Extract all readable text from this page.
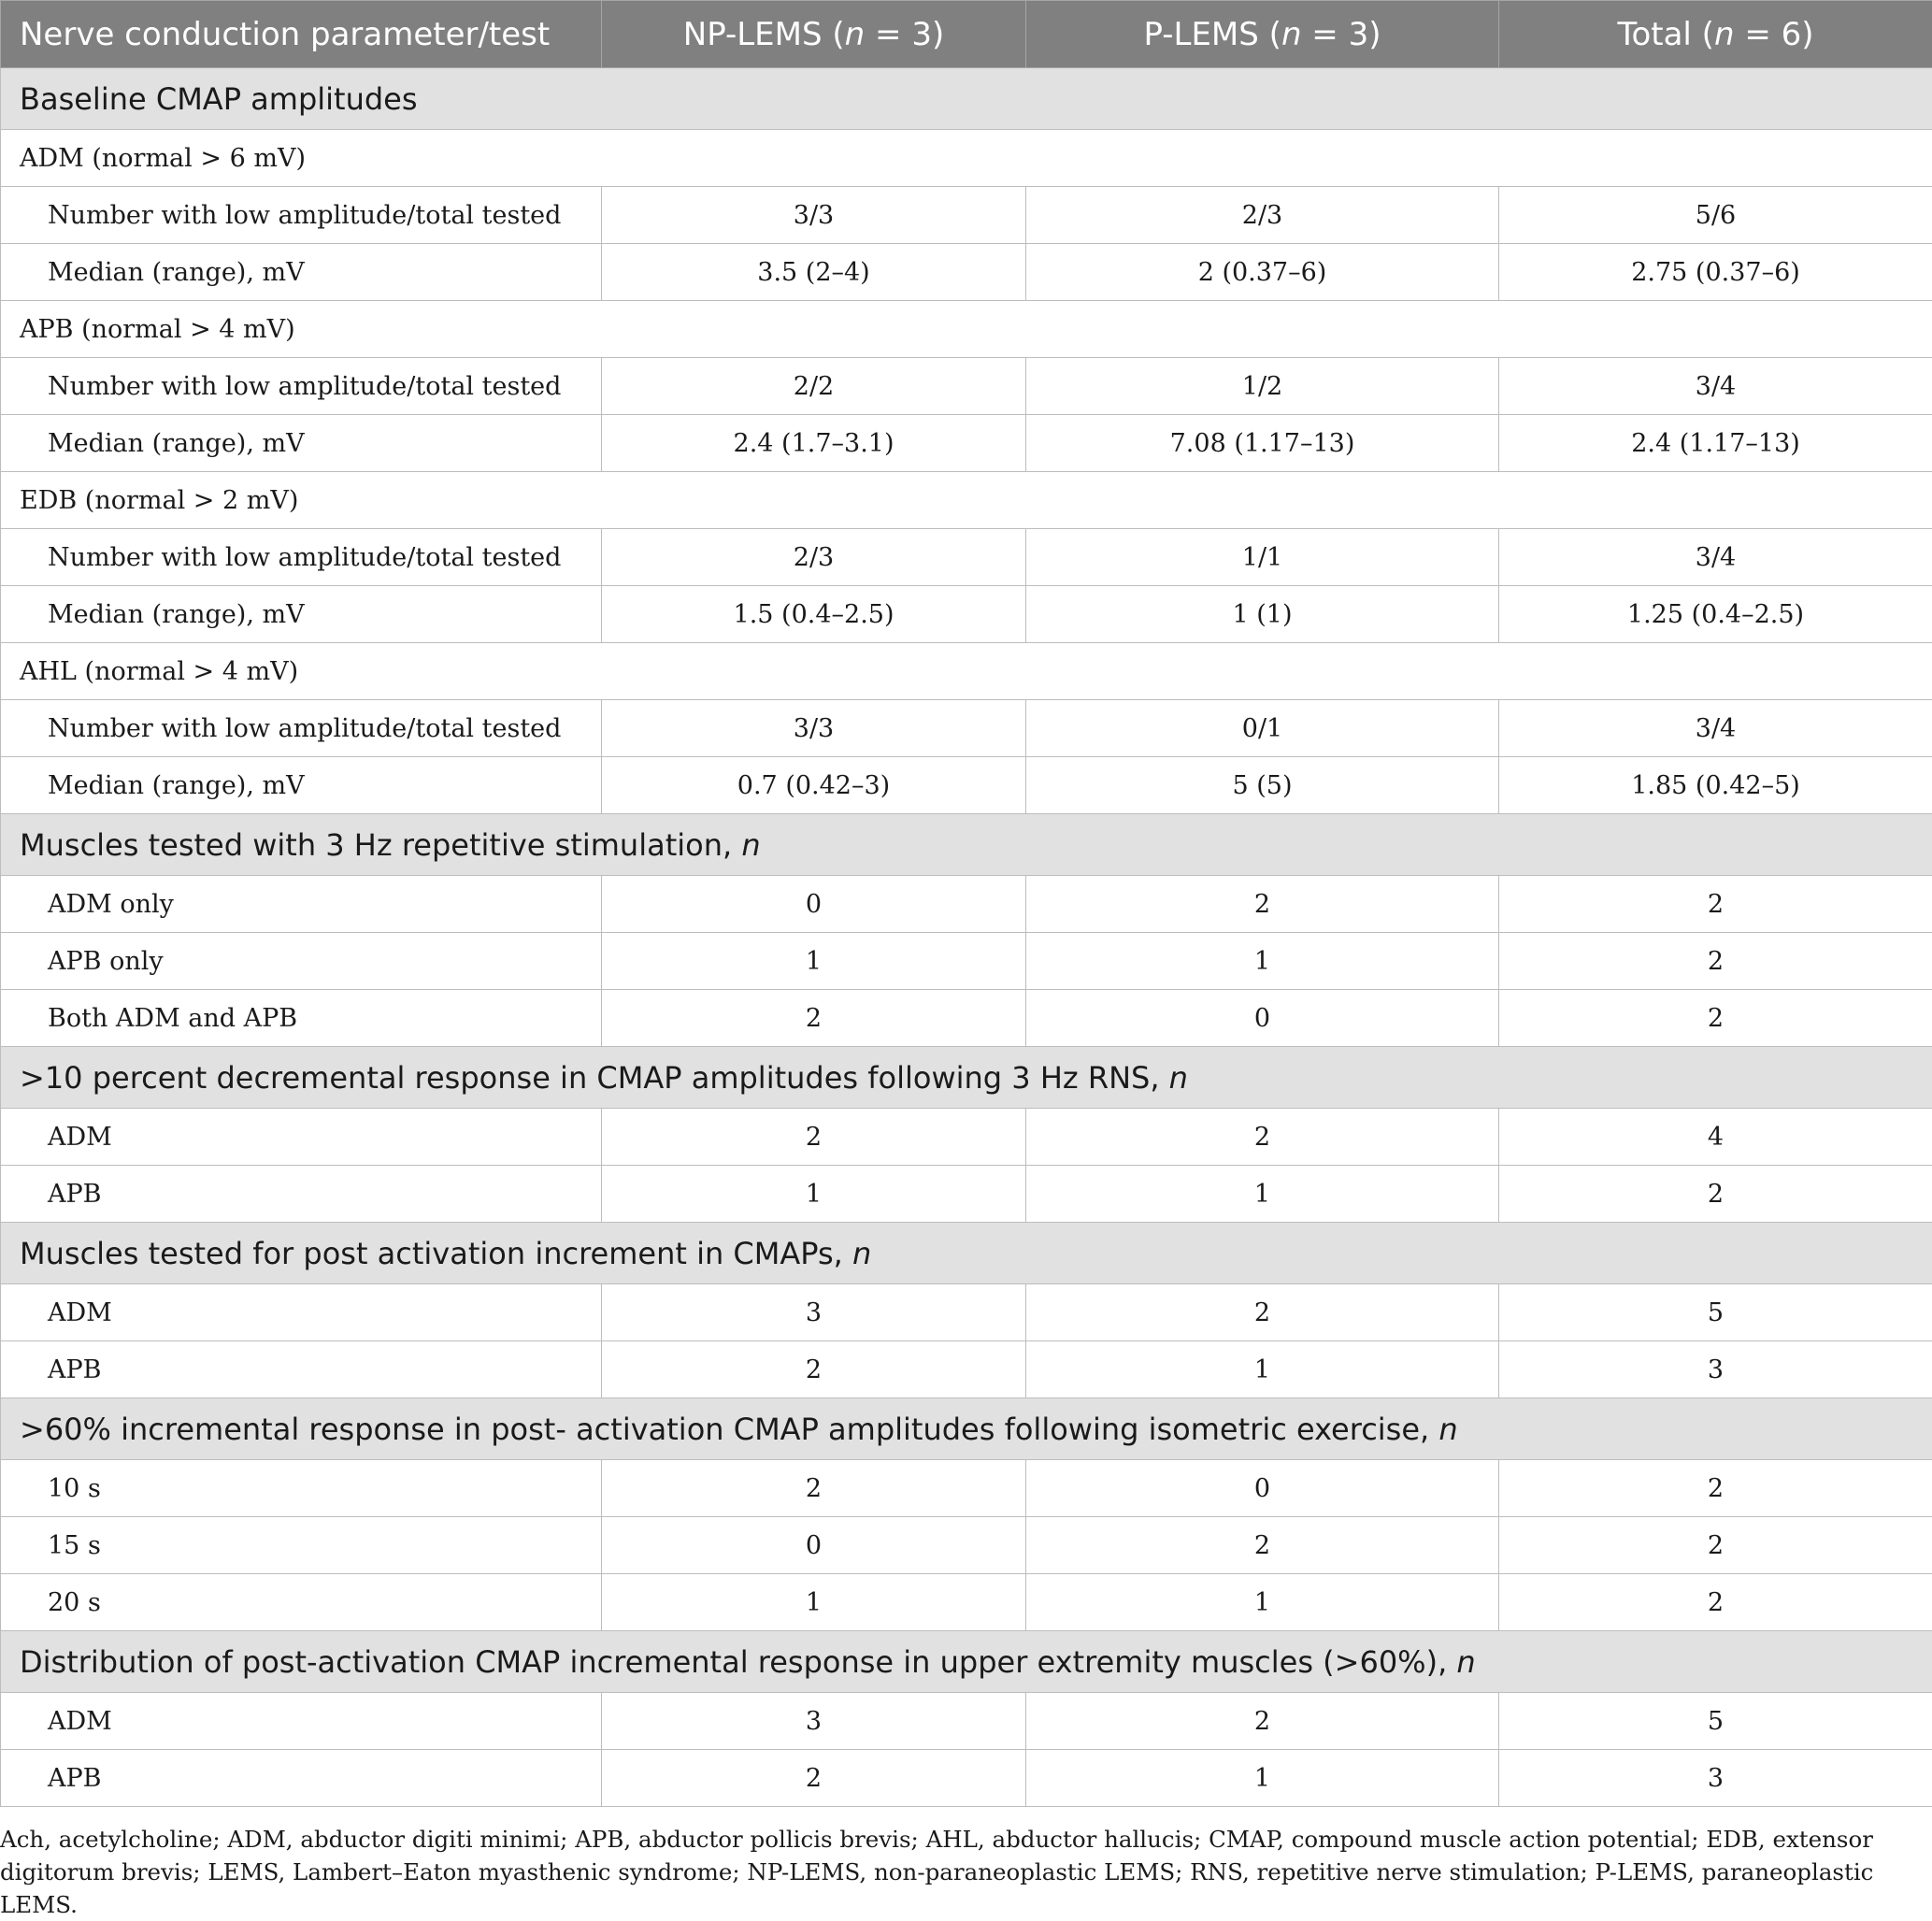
Nerve conduction parameter/test	NP-LEMS (n = 3)	P-LEMS (n = 3)	Total (n = 6)
Baseline CMAP amplitudes			
ADM (normal > 6 mV)			
Number with low amplitude/total tested	3/3	2/3	5/6
Median (range), mV	3.5 (2–4)	2 (0.37–6)	2.75 (0.37–6)
APB (normal > 4 mV)			
Number with low amplitude/total tested	2/2	1/2	3/4
Median (range), mV	2.4 (1.7–3.1)	7.08 (1.17–13)	2.4 (1.17–13)
EDB (normal > 2 mV)			
Number with low amplitude/total tested	2/3	1/1	3/4
Median (range), mV	1.5 (0.4–2.5)	1 (1)	1.25 (0.4–2.5)
AHL (normal > 4 mV)			
Number with low amplitude/total tested	3/3	0/1	3/4
Median (range), mV	0.7 (0.42–3)	5 (5)	1.85 (0.42–5)
Muscles tested with 3 Hz repetitive stimulation, n			
ADM only	0	2	2
APB only	1	1	2
Both ADM and APB	2	0	2
>10 percent decremental response in CMAP amplitudes following 3 Hz RNS, n			
ADM	2	2	4
APB	1	1	2
Muscles tested for post activation increment in CMAPs, n			
ADM	3	2	5
APB	2	1	3
>60% incremental response in post- activation CMAP amplitudes following isometric exercise, n			
10 s	2	0	2
15 s	0	2	2
20 s	1	1	2
Distribution of post-activation CMAP incremental response in upper extremity muscles (>60%), n			
ADM	3	2	5
APB	2	1	3
Ach, acetylcholine; ADM, abductor digiti minimi; APB, abductor pollicis brevis; AHL, abductor hallucis; CMAP, compound muscle action potential; EDB, extensor digitorum brevis; LEMS, Lambert–Eaton myasthenic syndrome; NP-LEMS, non-paraneoplastic LEMS; RNS, repetitive nerve stimulation; P-LEMS, paraneoplastic LEMS.
